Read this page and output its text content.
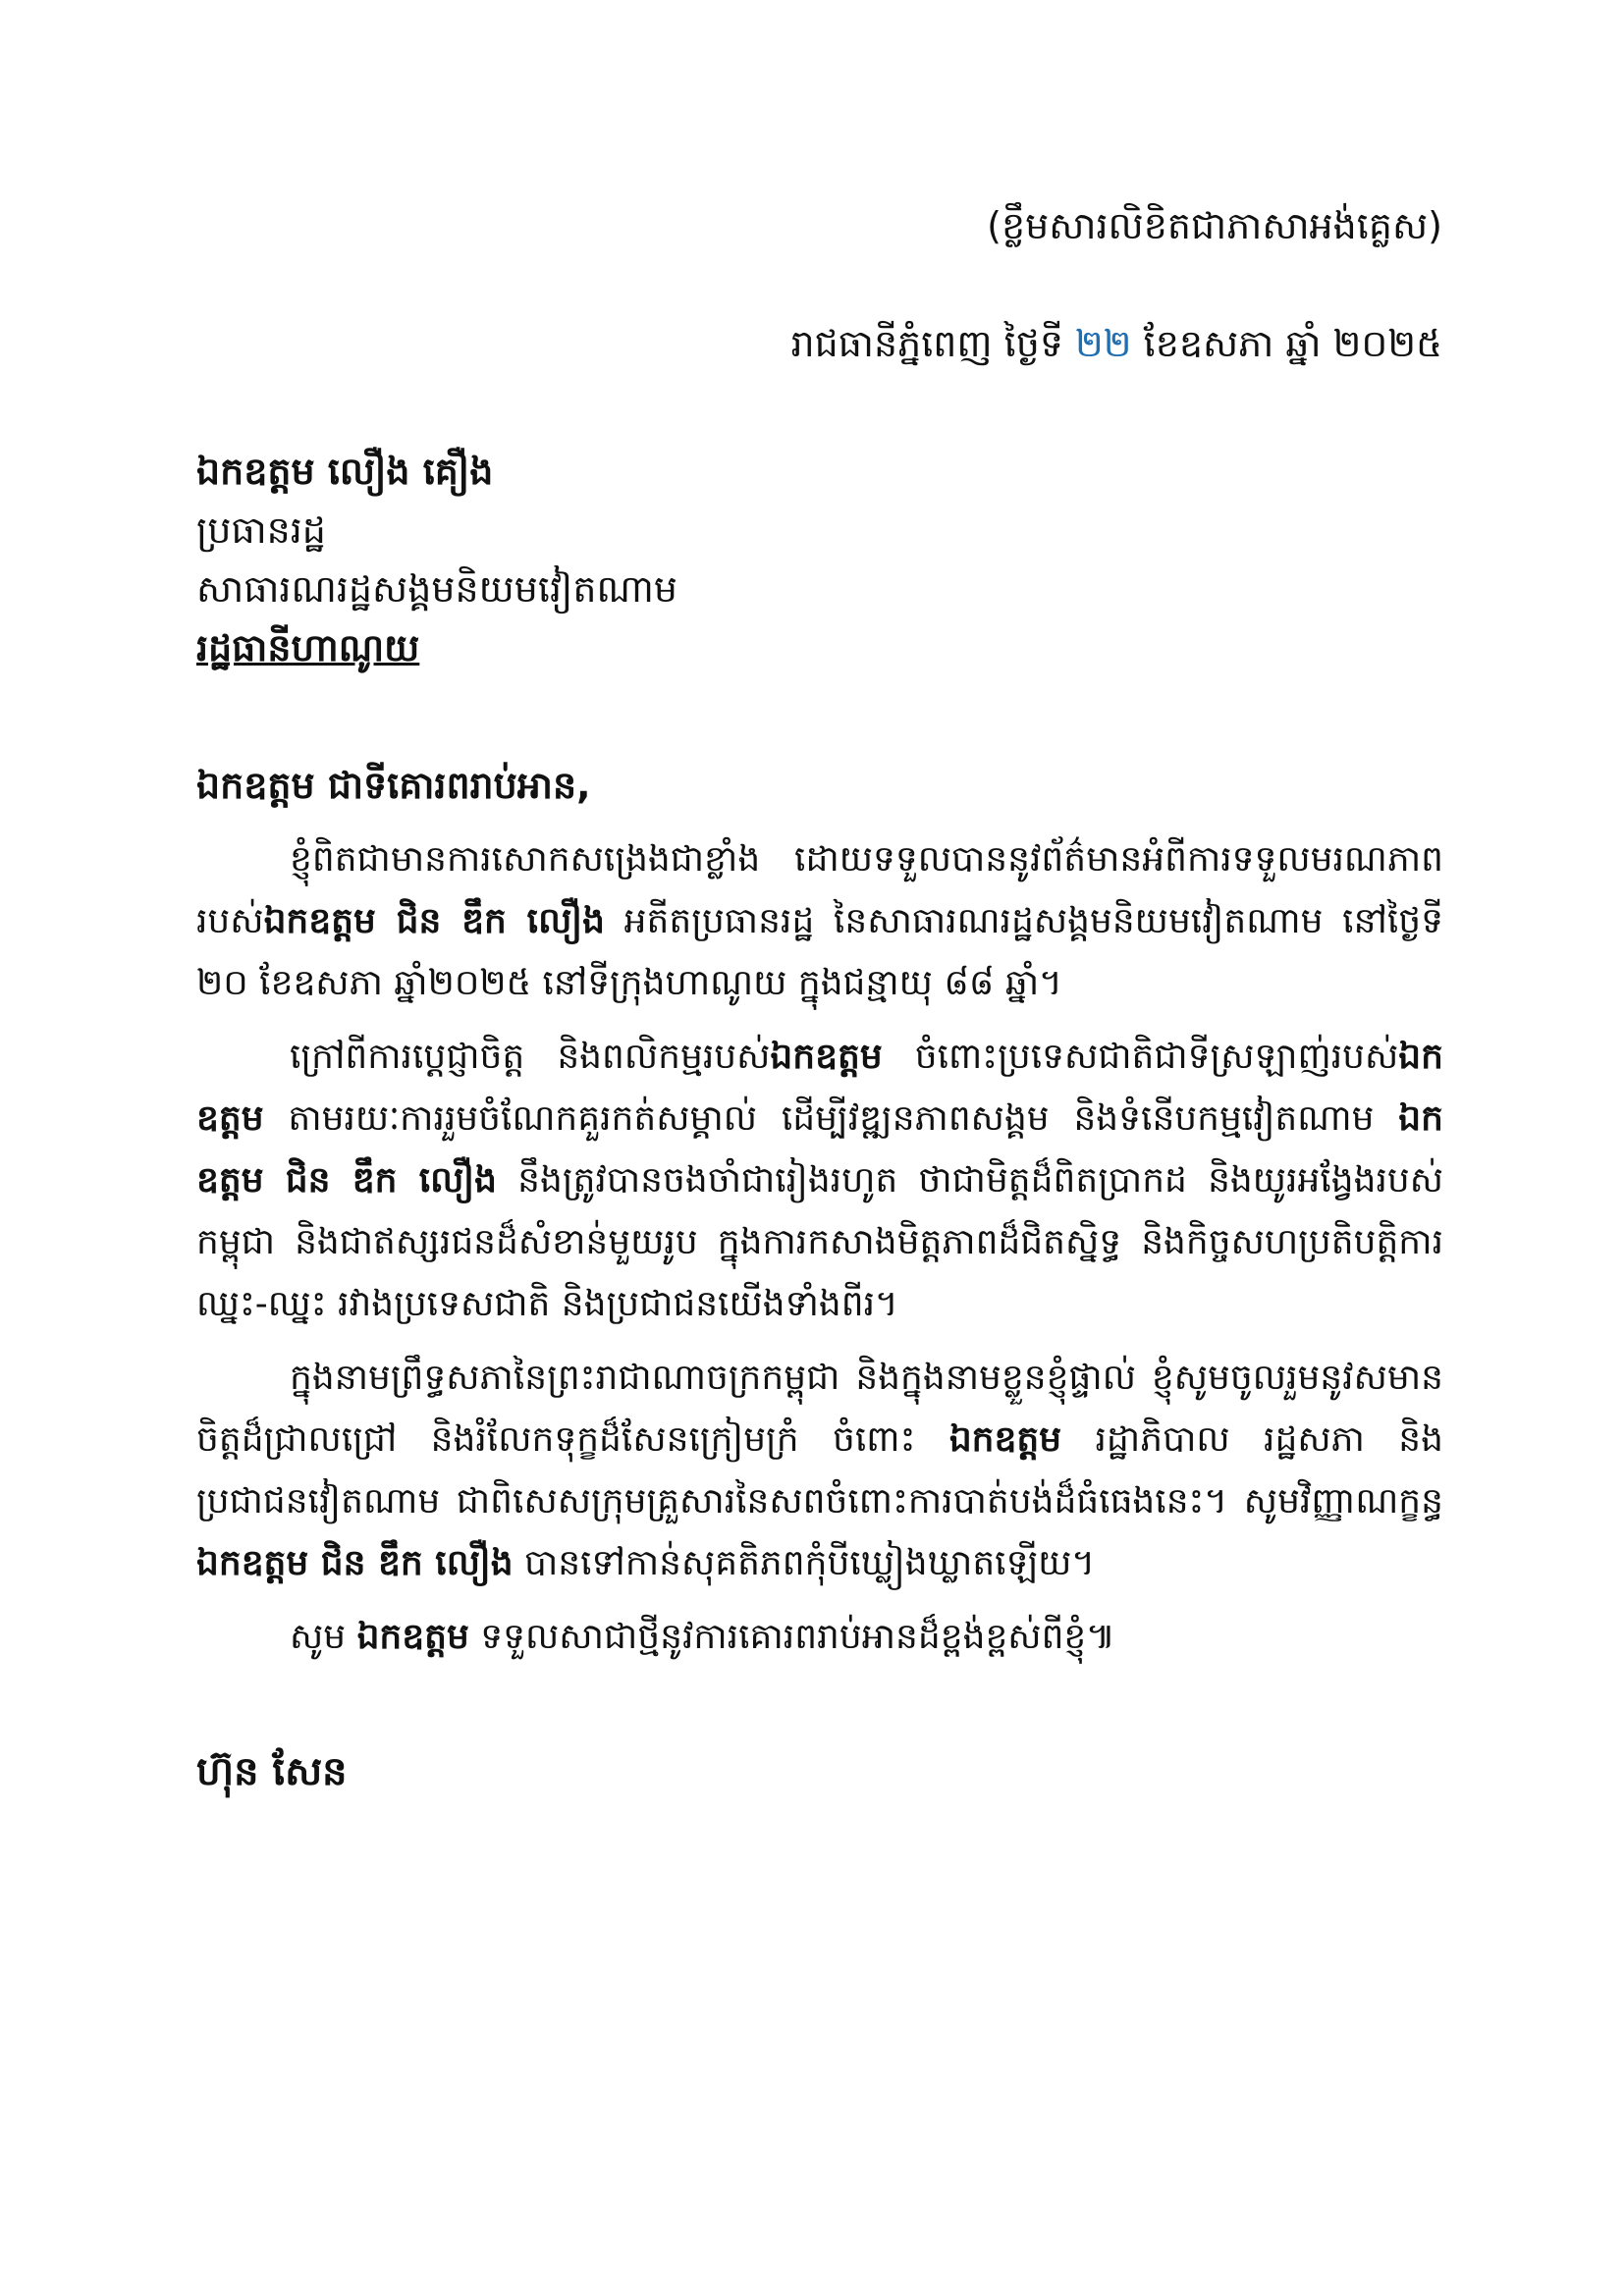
(ខ្លឹមសារលិខិតជាភាសាអង់គ្លេស)
រាជធានីភ្នំពេញ ថ្ងៃទី ២២ ខែឧសភា ឆ្នាំ ២០២៥
ឯកឧត្តម លឿង គឿង
ប្រធានរដ្ឋ
សាធារណរដ្ឋសង្គមនិយមវៀតណាម
រដ្ឋធានីហាណូយ
ឯកឧត្តម ជាទីគោរពរាប់អាន,

ខ្ញុំពិតជាមានការសោកសង្រេងជាខ្លាំង ដោយទទួលបាននូវព័ត៌មានអំពីការទទួលមរណភាពរបស់ឯកឧត្តម ជិន ឌឹក លឿង អតីតប្រធានរដ្ឋ នៃសាធារណរដ្ឋសង្គមនិយមវៀតណាម នៅថ្ងៃទី ២០ ខែឧសភា ឆ្នាំ២០២៥ នៅទីក្រុងហាណូយ ក្នុងជន្មាយុ ៨៨ ឆ្នាំ។

ក្រៅពីការប្តេជ្ញាចិត្ត និងពលិកម្មរបស់ឯកឧត្តម ចំពោះប្រទេសជាតិជាទីស្រឡាញ់របស់ឯកឧត្តម តាមរយៈការរួមចំណែកគួរកត់សម្គាល់ ដើម្បីវឌ្ឍនភាពសង្គម និងទំនើបកម្មវៀតណាម ឯកឧត្តម ជិន ឌឹក លឿង នឹងត្រូវបានចងចាំជារៀងរហូត ថាជាមិត្តដ៏ពិតប្រាកដ និងយូរអង្វែងរបស់កម្ពុជា និងជាឥស្សរជនដ៏សំខាន់មួយរូប ក្នុងការកសាងមិត្តភាពដ៏ជិតស្និទ្ធ និងកិច្ចសហប្រតិបត្តិការឈ្នះ-ឈ្នះ រវាងប្រទេសជាតិ និងប្រជាជនយើងទាំងពីរ។

ក្នុងនាមព្រឹទ្ធសភានៃព្រះរាជាណាចក្រកម្ពុជា និងក្នុងនាមខ្លួនខ្ញុំផ្ទាល់ ខ្ញុំសូមចូលរួមនូវសមានចិត្តដ៏ជ្រាលជ្រៅ និងរំលែកទុក្ខដ៏សែនក្រៀមក្រំ ចំពោះ ឯកឧត្តម រដ្ឋាភិបាល រដ្ឋសភា និងប្រជាជនវៀតណាម ជាពិសេសក្រុមគ្រួសារនៃសពចំពោះការបាត់បង់ដ៏ធំធេងនេះ។ សូមវិញ្ញាណក្ខន្ធ ឯកឧត្តម ជិន ឌឹក លឿង បានទៅកាន់សុគតិភពកុំបីឃ្លៀងឃ្លាតឡើយ។

សូម ឯកឧត្តម ទទួលសាជាថ្មីនូវការគោរពរាប់អានដ៏ខ្ពង់ខ្ពស់ពីខ្ញុំ៕

ហ៊ុន សែន
